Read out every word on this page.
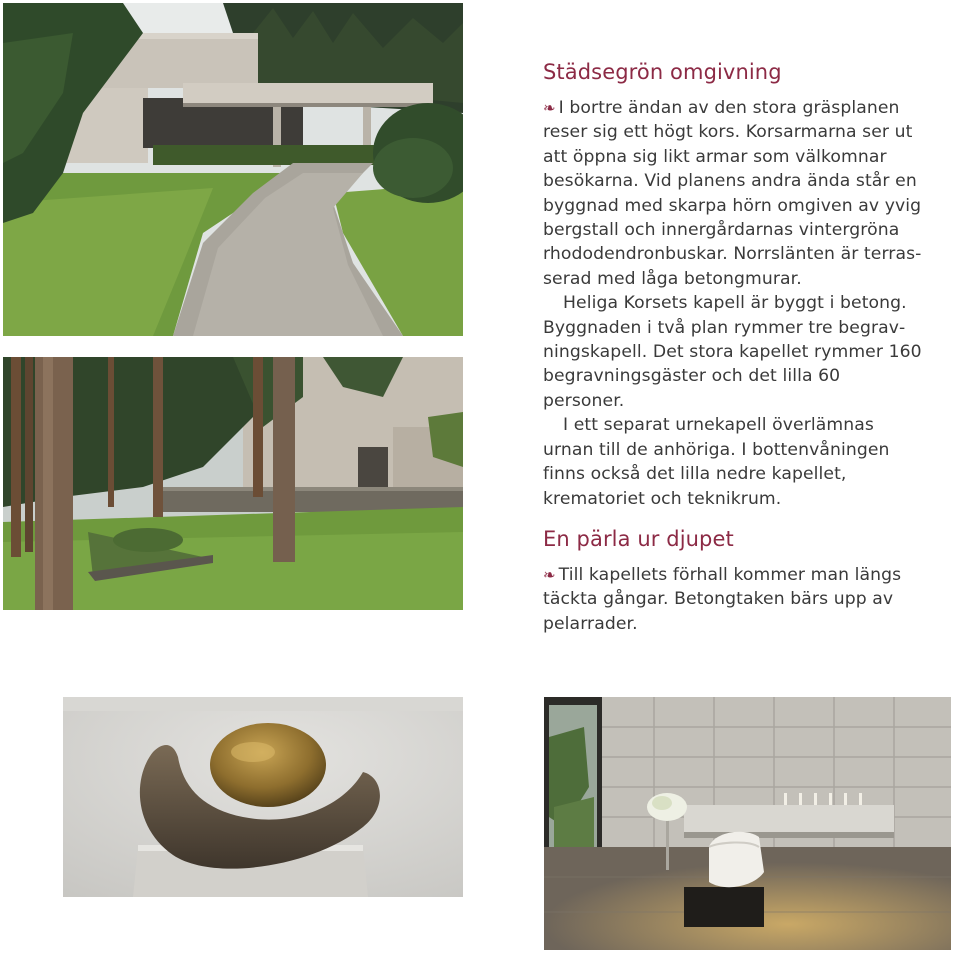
Städsegrön omgivning

❧ I bortre ändan av den stora gräsplanen reser sig ett högt kors. Korsarmarna ser ut att öppna sig likt armar som välkomnar besökarna. Vid planens andra ända står en byggnad med skarpa hörn omgiven av yvig bergstall och innergårdarnas vintergröna rhododendronbuskar. Norrslänten är terrasserad med låga betongmurar.

Heliga Korsets kapell är byggt i betong. Byggnaden i två plan rymmer tre begravningskapell. Det stora kapellet rymmer 160 begravningsgäster och det lilla 60 personer.

I ett separat urnekapell överlämnas urnan till de anhöriga. I bottenvåningen finns också det lilla nedre kapellet, krematoriet och teknikrum.

En pärla ur djupet

❧ Till kapellets förhall kommer man längs täckta gångar. Betongtaken bärs upp av pelarrader.
